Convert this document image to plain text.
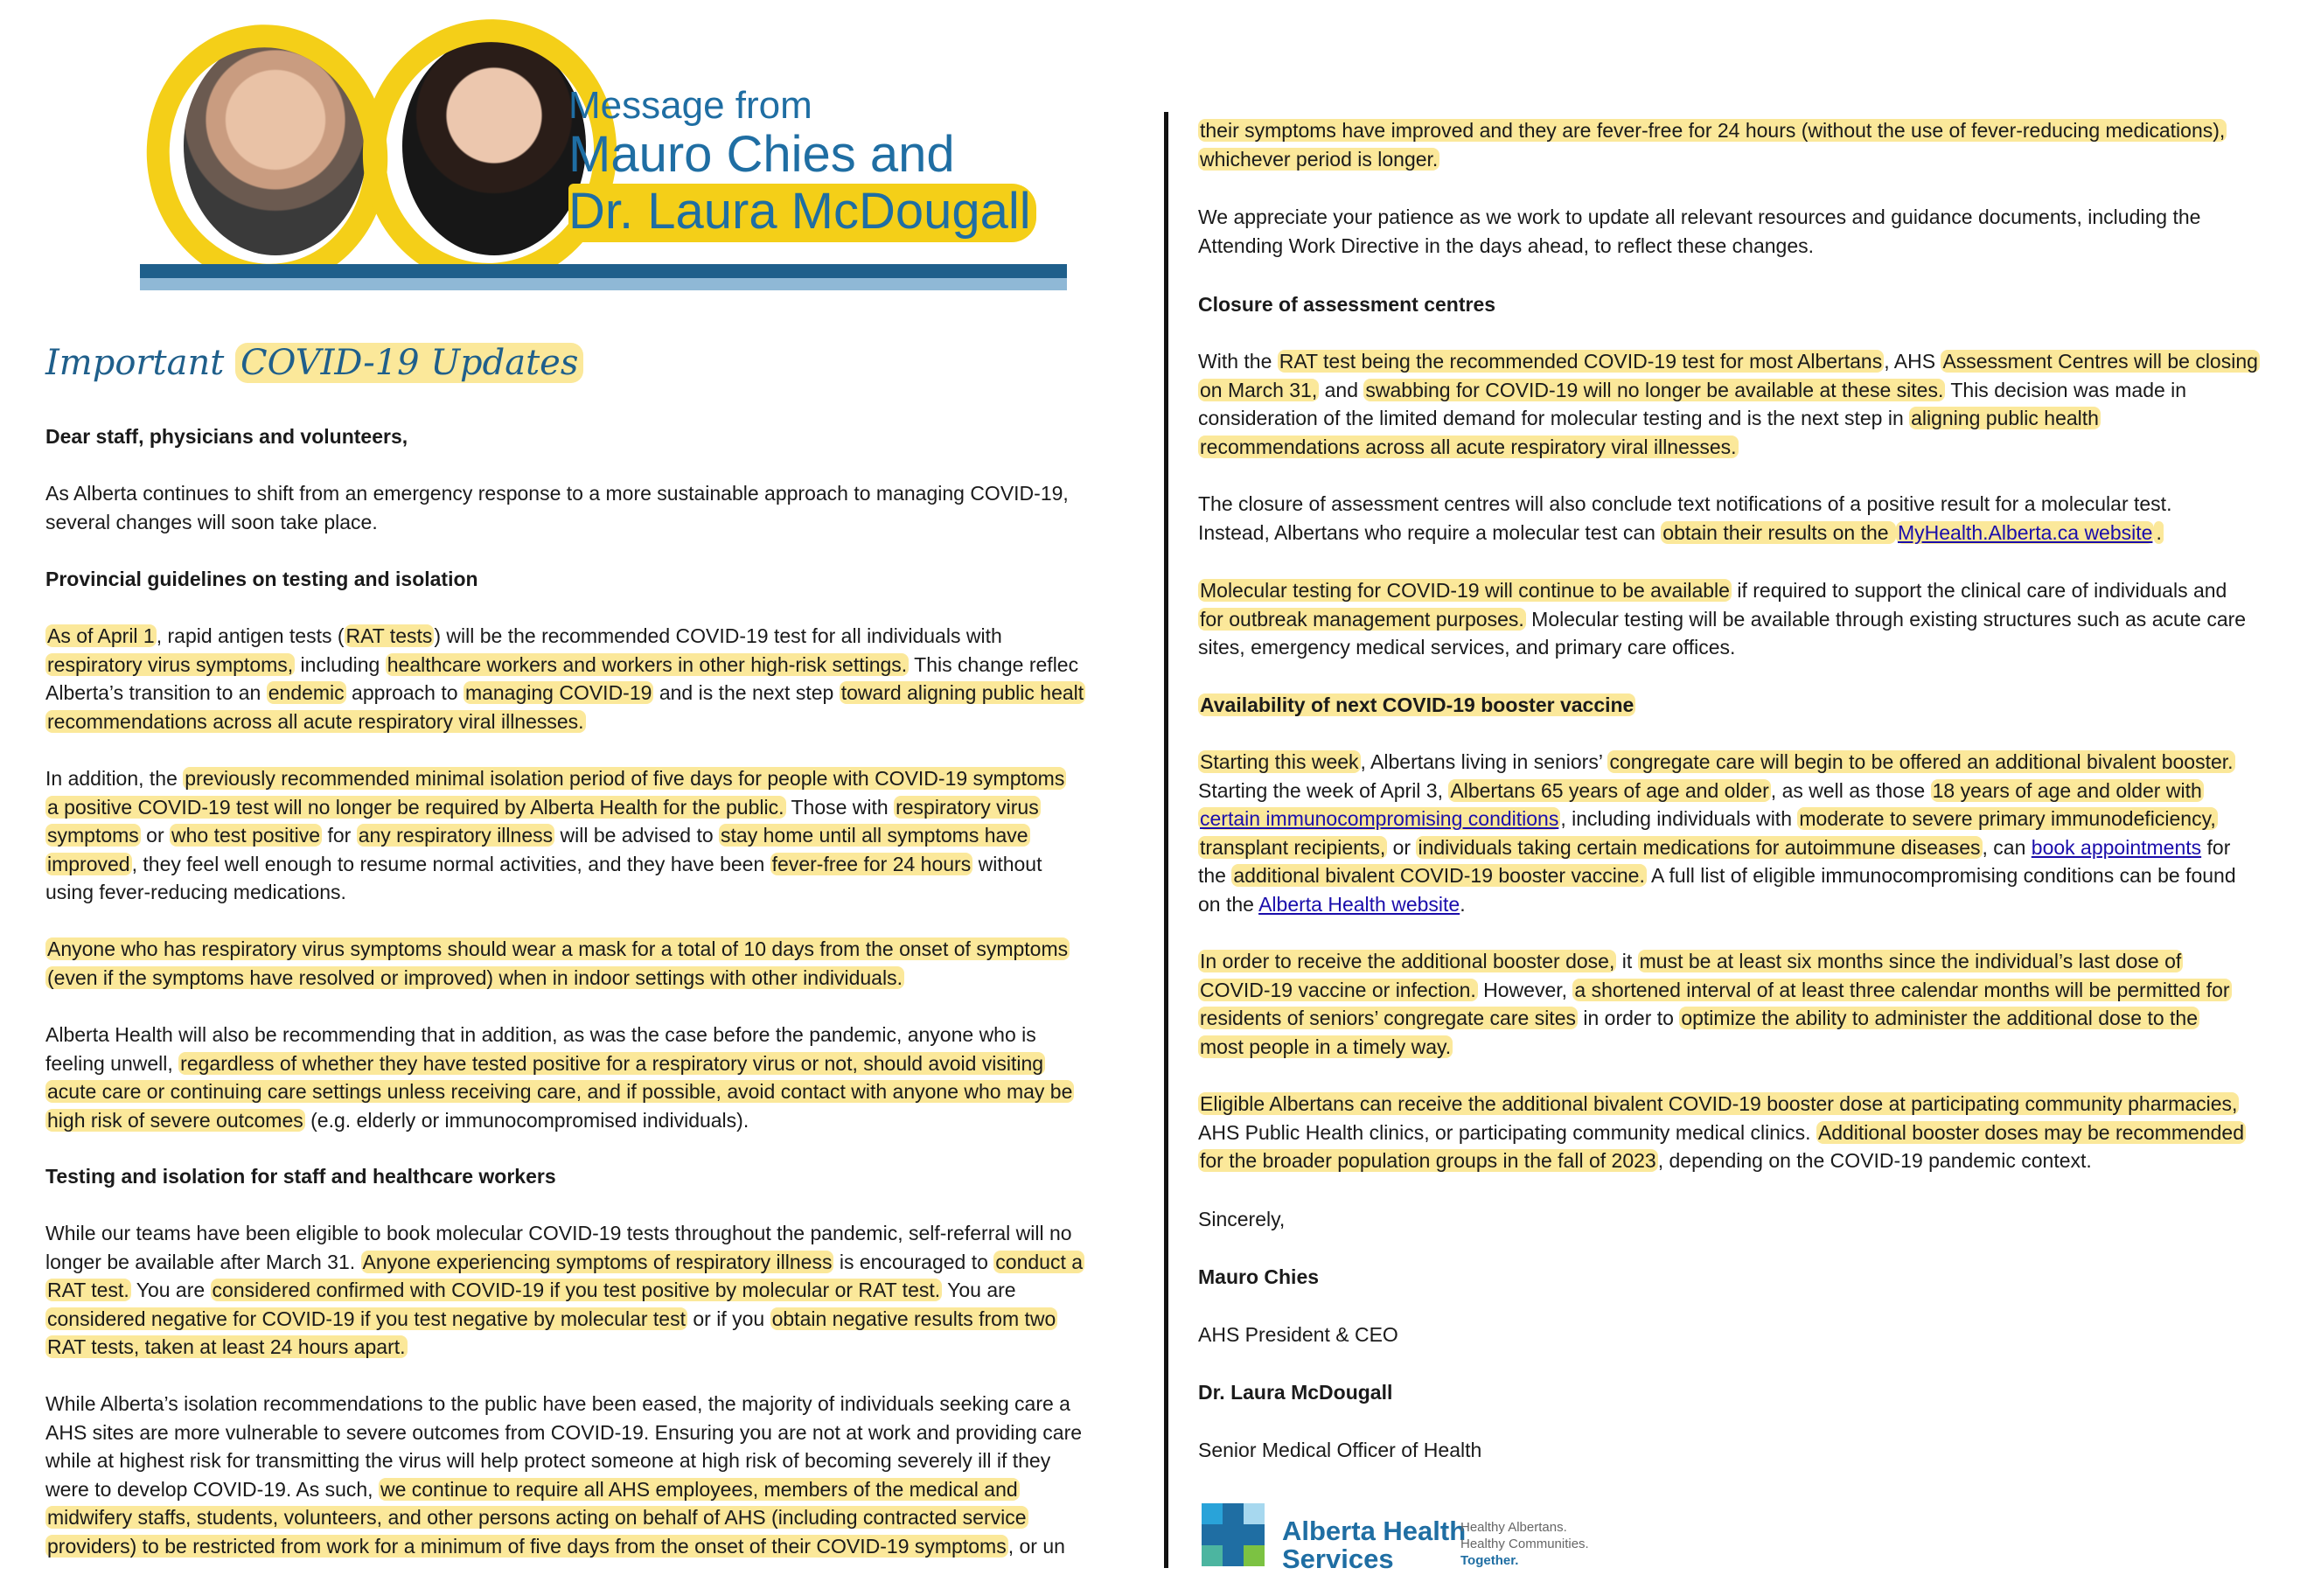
Message from
Mauro Chies and
Dr. Laura McDougall
Important COVID-19 Updates
Dear staff, physicians and volunteers,
As Alberta continues to shift from an emergency response to a more sustainable approach to managing COVID-19,
several changes will soon take place.
Provincial guidelines on testing and isolation
As of April 1, rapid antigen tests (RAT tests) will be the recommended COVID-19 test for all individuals with
respiratory virus symptoms, including healthcare workers and workers in other high-risk settings. This change reflec
Alberta’s transition to an endemic approach to managing COVID-19 and is the next step toward aligning public healt
recommendations across all acute respiratory viral illnesses.
In addition, the previously recommended minimal isolation period of five days for people with COVID-19 symptoms
a positive COVID-19 test will no longer be required by Alberta Health for the public. Those with respiratory virus
symptoms or who test positive for any respiratory illness will be advised to stay home until all symptoms have
improved, they feel well enough to resume normal activities, and they have been fever-free for 24 hours without
using fever-reducing medications.
Anyone who has respiratory virus symptoms should wear a mask for a total of 10 days from the onset of symptoms
(even if the symptoms have resolved or improved) when in indoor settings with other individuals.
Alberta Health will also be recommending that in addition, as was the case before the pandemic, anyone who is
feeling unwell, regardless of whether they have tested positive for a respiratory virus or not, should avoid visiting
acute care or continuing care settings unless receiving care, and if possible, avoid contact with anyone who may be
high risk of severe outcomes (e.g. elderly or immunocompromised individuals).
Testing and isolation for staff and healthcare workers
While our teams have been eligible to book molecular COVID-19 tests throughout the pandemic, self-referral will no
longer be available after March 31. Anyone experiencing symptoms of respiratory illness is encouraged to conduct a
RAT test. You are considered confirmed with COVID-19 if you test positive by molecular or RAT test. You are
considered negative for COVID-19 if you test negative by molecular test or if you obtain negative results from two
RAT tests, taken at least 24 hours apart.
While Alberta’s isolation recommendations to the public have been eased, the majority of individuals seeking care a
AHS sites are more vulnerable to severe outcomes from COVID-19. Ensuring you are not at work and providing care
while at highest risk for transmitting the virus will help protect someone at high risk of becoming severely ill if they
were to develop COVID-19. As such, we continue to require all AHS employees, members of the medical and
midwifery staffs, students, volunteers, and other persons acting on behalf of AHS (including contracted service
providers) to be restricted from work for a minimum of five days from the onset of their COVID-19 symptoms, or un
their symptoms have improved and they are fever-free for 24 hours (without the use of fever-reducing medications),
whichever period is longer.
We appreciate your patience as we work to update all relevant resources and guidance documents, including the
Attending Work Directive in the days ahead, to reflect these changes.
Closure of assessment centres
With the RAT test being the recommended COVID-19 test for most Albertans, AHS Assessment Centres will be closing
on March 31, and swabbing for COVID-19 will no longer be available at these sites. This decision was made in
consideration of the limited demand for molecular testing and is the next step in aligning public health
recommendations across all acute respiratory viral illnesses.
The closure of assessment centres will also conclude text notifications of a positive result for a molecular test.
Instead, Albertans who require a molecular test can obtain their results on the MyHealth.Alberta.ca website .
Molecular testing for COVID-19 will continue to be available if required to support the clinical care of individuals and
for outbreak management purposes. Molecular testing will be available through existing structures such as acute care
sites, emergency medical services, and primary care offices.
Availability of next COVID-19 booster vaccine
Starting this week, Albertans living in seniors’ congregate care will begin to be offered an additional bivalent booster.
Starting the week of April 3, Albertans 65 years of age and older, as well as those 18 years of age and older with
certain immunocompromising conditions, including individuals with moderate to severe primary immunodeficiency,
transplant recipients, or individuals taking certain medications for autoimmune diseases, can book appointments for
the additional bivalent COVID-19 booster vaccine. A full list of eligible immunocompromising conditions can be found
on the Alberta Health website.
In order to receive the additional booster dose, it must be at least six months since the individual’s last dose of
COVID-19 vaccine or infection. However, a shortened interval of at least three calendar months will be permitted for
residents of seniors’ congregate care sites in order to optimize the ability to administer the additional dose to the
most people in a timely way.
Eligible Albertans can receive the additional bivalent COVID-19 booster dose at participating community pharmacies,
AHS Public Health clinics, or participating community medical clinics. Additional booster doses may be recommended
for the broader population groups in the fall of 2023, depending on the COVID-19 pandemic context.
Sincerely,
Mauro Chies
AHS President & CEO
Dr. Laura McDougall
Senior Medical Officer of Health
Alberta Health
Services
Healthy Albertans.
Healthy Communities.
Together.
